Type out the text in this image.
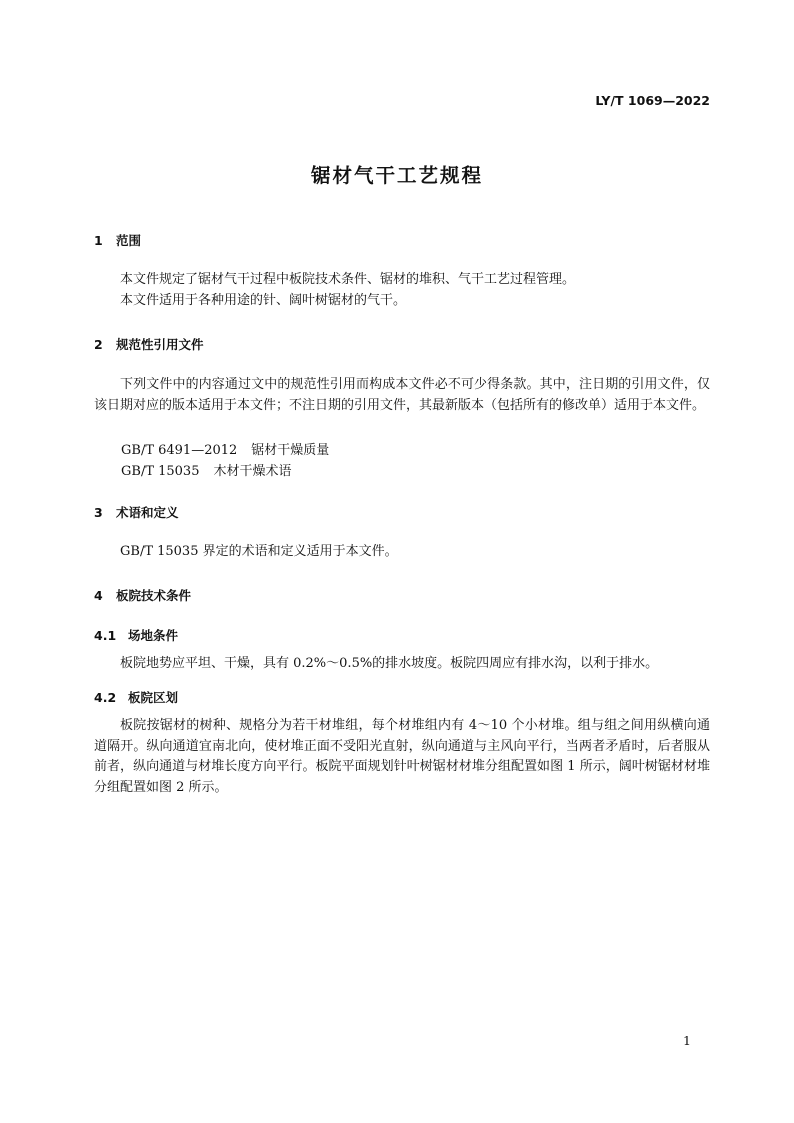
LY/T 1069—2022
锯材气干工艺规程
1 范围
本文件规定了锯材气干过程中板院技术条件、锯材的堆积、气干工艺过程管理。
本文件适用于各种用途的针、阔叶树锯材的气干。
2 规范性引用文件
下列文件中的内容通过文中的规范性引用而构成本文件必不可少得条款。其中，注日期的引用文件，仅该日期对应的版本适用于本文件；不注日期的引用文件，其最新版本（包括所有的修改单）适用于本文件。
GB/T 6491—2012 锯材干燥质量
GB/T 15035 木材干燥术语
3 术语和定义
GB/T 15035 界定的术语和定义适用于本文件。
4 板院技术条件
4.1 场地条件
板院地势应平坦、干燥，具有 0.2%～0.5%的排水坡度。板院四周应有排水沟，以利于排水。
4.2 板院区划
板院按锯材的树种、规格分为若干材堆组，每个材堆组内有 4～10 个小材堆。组与组之间用纵横向通道隔开。纵向通道宜南北向，使材堆正面不受阳光直射，纵向通道与主风向平行，当两者矛盾时，后者服从前者，纵向通道与材堆长度方向平行。板院平面规划针叶树锯材材堆分组配置如图 1 所示，阔叶树锯材材堆分组配置如图 2 所示。
1
